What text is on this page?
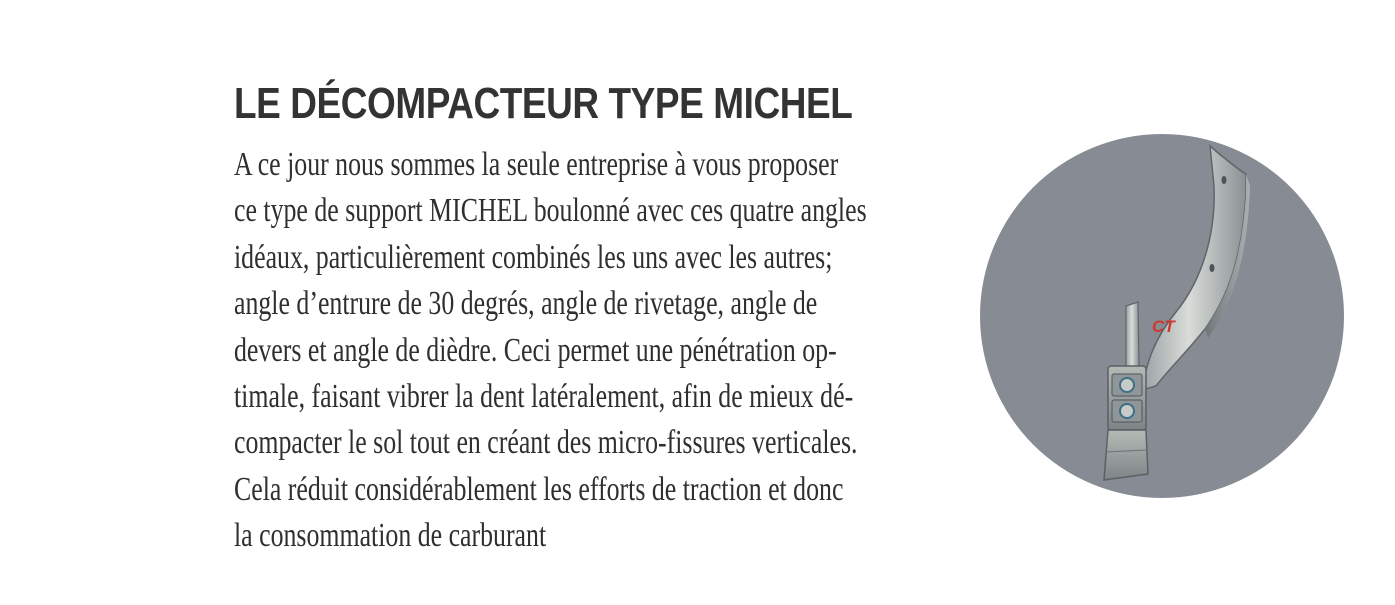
LE DÉCOMPACTEUR TYPE MICHEL
A ce jour nous sommes la seule entreprise à vous proposer
ce type de support MICHEL boulonné avec ces quatre angles
idéaux, particulièrement combinés les uns avec les autres;
angle d’entrure de 30 degrés, angle de rivetage, angle de
devers et angle de dièdre. Ceci permet une pénétration op-
timale, faisant vibrer la dent latéralement, afin de mieux dé-
compacter le sol tout en créant des micro-fissures verticales.
Cela réduit considérablement les efforts de traction et donc
la consommation de carburant
CT
